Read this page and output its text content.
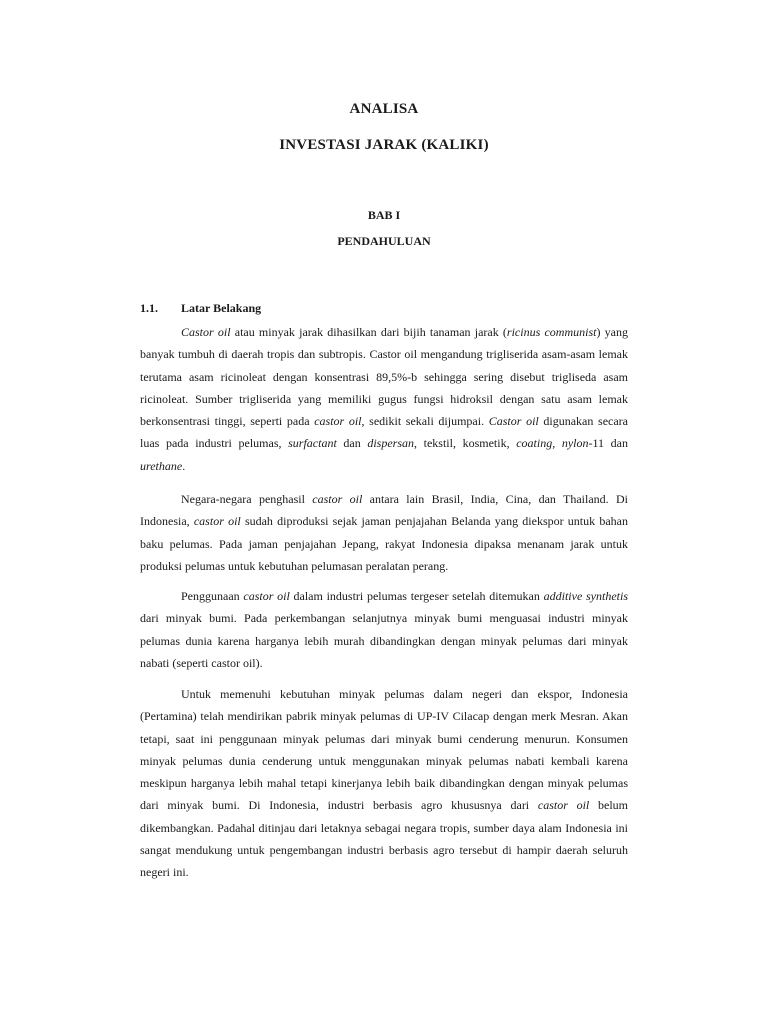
ANALISA
INVESTASI JARAK (KALIKI)
BAB I
PENDAHULUAN
1.1. Latar Belakang

Castor oil atau minyak jarak dihasilkan dari bijih tanaman jarak (ricinus communist) yang banyak tumbuh di daerah tropis dan subtropis. Castor oil mengandung trigliserida asam-asam lemak terutama asam ricinoleat dengan konsentrasi 89,5%-b sehingga sering disebut trigliseda asam ricinoleat. Sumber trigliserida yang memiliki gugus fungsi hidroksil dengan satu asam lemak berkonsentrasi tinggi, seperti pada castor oil, sedikit sekali dijumpai. Castor oil digunakan secara luas pada industri pelumas, surfactant dan dispersan, tekstil, kosmetik, coating, nylon-11 dan urethane.

Negara-negara penghasil castor oil antara lain Brasil, India, Cina, dan Thailand. Di Indonesia, castor oil sudah diproduksi sejak jaman penjajahan Belanda yang diekspor untuk bahan baku pelumas. Pada jaman penjajahan Jepang, rakyat Indonesia dipaksa menanam jarak untuk produksi pelumas untuk kebutuhan pelumasan peralatan perang.

Penggunaan castor oil dalam industri pelumas tergeser setelah ditemukan additive synthetis dari minyak bumi. Pada perkembangan selanjutnya minyak bumi menguasai industri minyak pelumas dunia karena harganya lebih murah dibandingkan dengan minyak pelumas dari minyak nabati (seperti castor oil).

Untuk memenuhi kebutuhan minyak pelumas dalam negeri dan ekspor, Indonesia (Pertamina) telah mendirikan pabrik minyak pelumas di UP-IV Cilacap dengan merk Mesran. Akan tetapi, saat ini penggunaan minyak pelumas dari minyak bumi cenderung menurun. Konsumen minyak pelumas dunia cenderung untuk menggunakan minyak pelumas nabati kembali karena meskipun harganya lebih mahal tetapi kinerjanya lebih baik dibandingkan dengan minyak pelumas dari minyak bumi. Di Indonesia, industri berbasis agro khususnya dari castor oil belum dikembangkan. Padahal ditinjau dari letaknya sebagai negara tropis, sumber daya alam Indonesia ini sangat mendukung untuk pengembangan industri berbasis agro tersebut di hampir daerah seluruh negeri ini.
